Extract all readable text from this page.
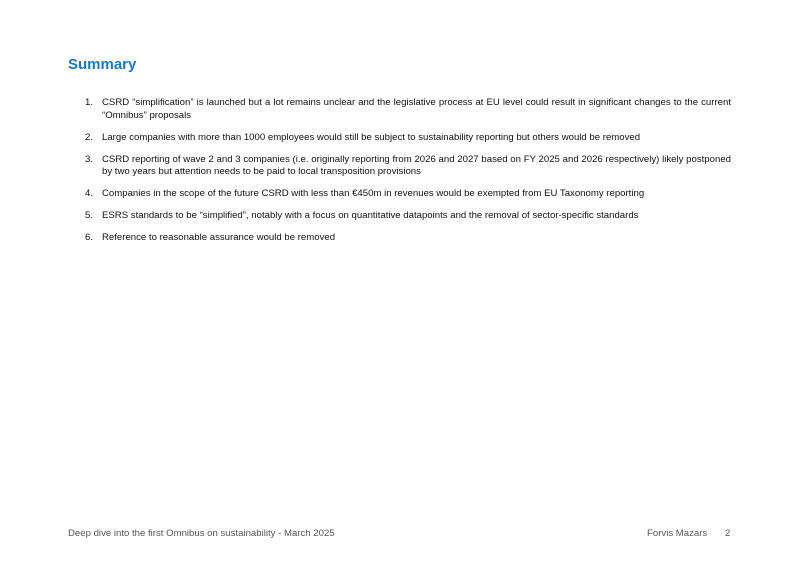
Summary
1. CSRD “simplification” is launched but a lot remains unclear and the legislative process at EU level could result in significant changes to the current “Omnibus” proposals
2. Large companies with more than 1000 employees would still be subject to sustainability reporting but others would be removed
3. CSRD reporting of wave 2 and 3 companies (i.e. originally reporting from 2026 and 2027 based on FY 2025 and 2026 respectively) likely postponed by two years but attention needs to be paid to local transposition provisions
4. Companies in the scope of the future CSRD with less than €450m in revenues would be exempted from EU Taxonomy reporting
5. ESRS standards to be “simplified”, notably with a focus on quantitative datapoints and the removal of sector-specific standards
6. Reference to reasonable assurance would be removed
Deep dive into the first Omnibus on sustainability - March 2025	Forvis Mazars 2
